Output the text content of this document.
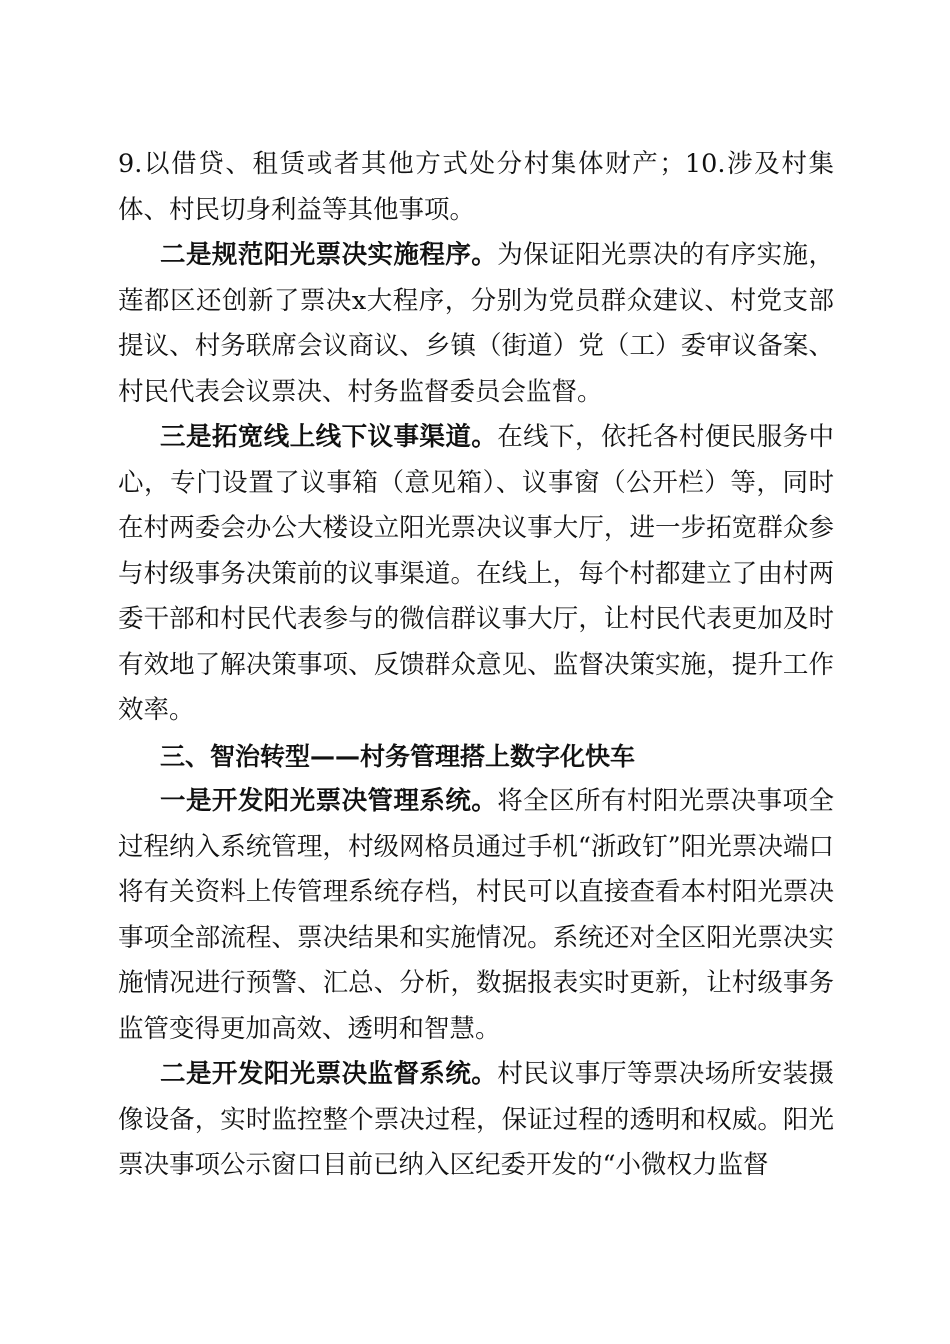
9.以借贷、租赁或者其他方式处分村集体财产；10.涉及村集体、村民切身利益等其他事项。

二是规范阳光票决实施程序。为保证阳光票决的有序实施，莲都区还创新了票决x大程序，分别为党员群众建议、村党支部提议、村务联席会议商议、乡镇（街道）党（工）委审议备案、村民代表会议票决、村务监督委员会监督。

三是拓宽线上线下议事渠道。在线下，依托各村便民服务中心，专门设置了议事箱（意见箱）、议事窗（公开栏）等，同时在村两委会办公大楼设立阳光票决议事大厅，进一步拓宽群众参与村级事务决策前的议事渠道。在线上，每个村都建立了由村两委干部和村民代表参与的微信群议事大厅，让村民代表更加及时有效地了解决策事项、反馈群众意见、监督决策实施，提升工作效率。

三、智治转型——村务管理搭上数字化快车

一是开发阳光票决管理系统。将全区所有村阳光票决事项全过程纳入系统管理，村级网格员通过手机“浙政钉”阳光票决端口将有关资料上传管理系统存档，村民可以直接查看本村阳光票决事项全部流程、票决结果和实施情况。系统还对全区阳光票决实施情况进行预警、汇总、分析，数据报表实时更新，让村级事务监管变得更加高效、透明和智慧。

二是开发阳光票决监督系统。村民议事厅等票决场所安装摄像设备，实时监控整个票决过程，保证过程的透明和权威。阳光票决事项公示窗口目前已纳入区纪委开发的“小微权力监督
